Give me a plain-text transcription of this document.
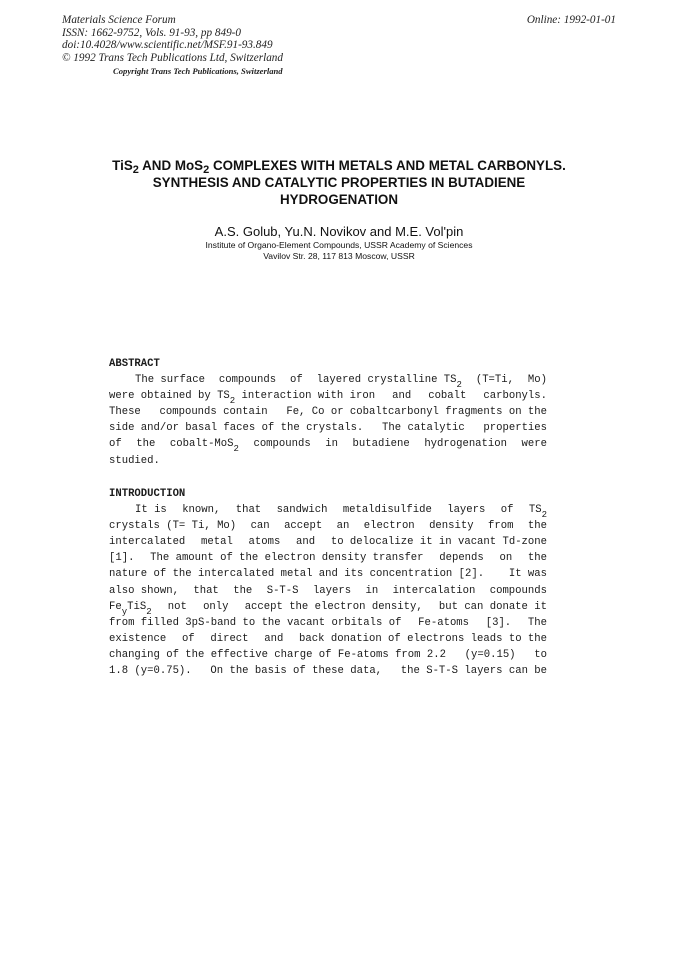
Materials Science Forum
ISSN: 1662-9752, Vols. 91-93, pp 849-0
doi:10.4028/www.scientific.net/MSF.91-93.849
© 1992 Trans Tech Publications Ltd, Switzerland
Online: 1992-01-01
Copyright Trans Tech Publications, Switzerland
TiS$_2$ AND MoS$_2$ COMPLEXES WITH METALS AND METAL CARBONYLS.
SYNTHESIS AND CATALYTIC PROPERTIES IN BUTADIENE
HYDROGENATION
A.S. Golub, Yu.N. Novikov and M.E. Vol'pin
Institute of Organo-Element Compounds, USSR Academy of Sciences
Vavilov Str. 28, 117 813 Moscow, USSR
ABSTRACT
The surface compounds of layered crystalline TS2 (T=Ti, Mo)
were obtained by TS2 interaction with iron and cobalt carbonyls.
These compounds contain Fe, Co or cobaltcarbonyl fragments on the
side and/or basal faces of the crystals. The catalytic properties
of the cobalt-MoS2 compounds in butadiene hydrogenation were
studied.
INTRODUCTION
It is known, that sandwich metaldisulfide layers of TS2
crystals (T= Ti, Mo) can accept an electron density from the
intercalated metal atoms and to delocalize it in vacant Td-zone
[1]. The amount of the electron density transfer depends on the
nature of the intercalated metal and its concentration [2]. It was
also shown, that the S-T-S layers in intercalation compounds
FeyTiS2 not only accept the electron density, but can donate it
from filled 3pS-band to the vacant orbitals of Fe-atoms [3]. The
existence of direct and back donation of electrons leads to the
changing of the effective charge of Fe-atoms from 2.2 (y=0.15) to
1.8 (y=0.75). On the basis of these data, the S-T-S layers can be
